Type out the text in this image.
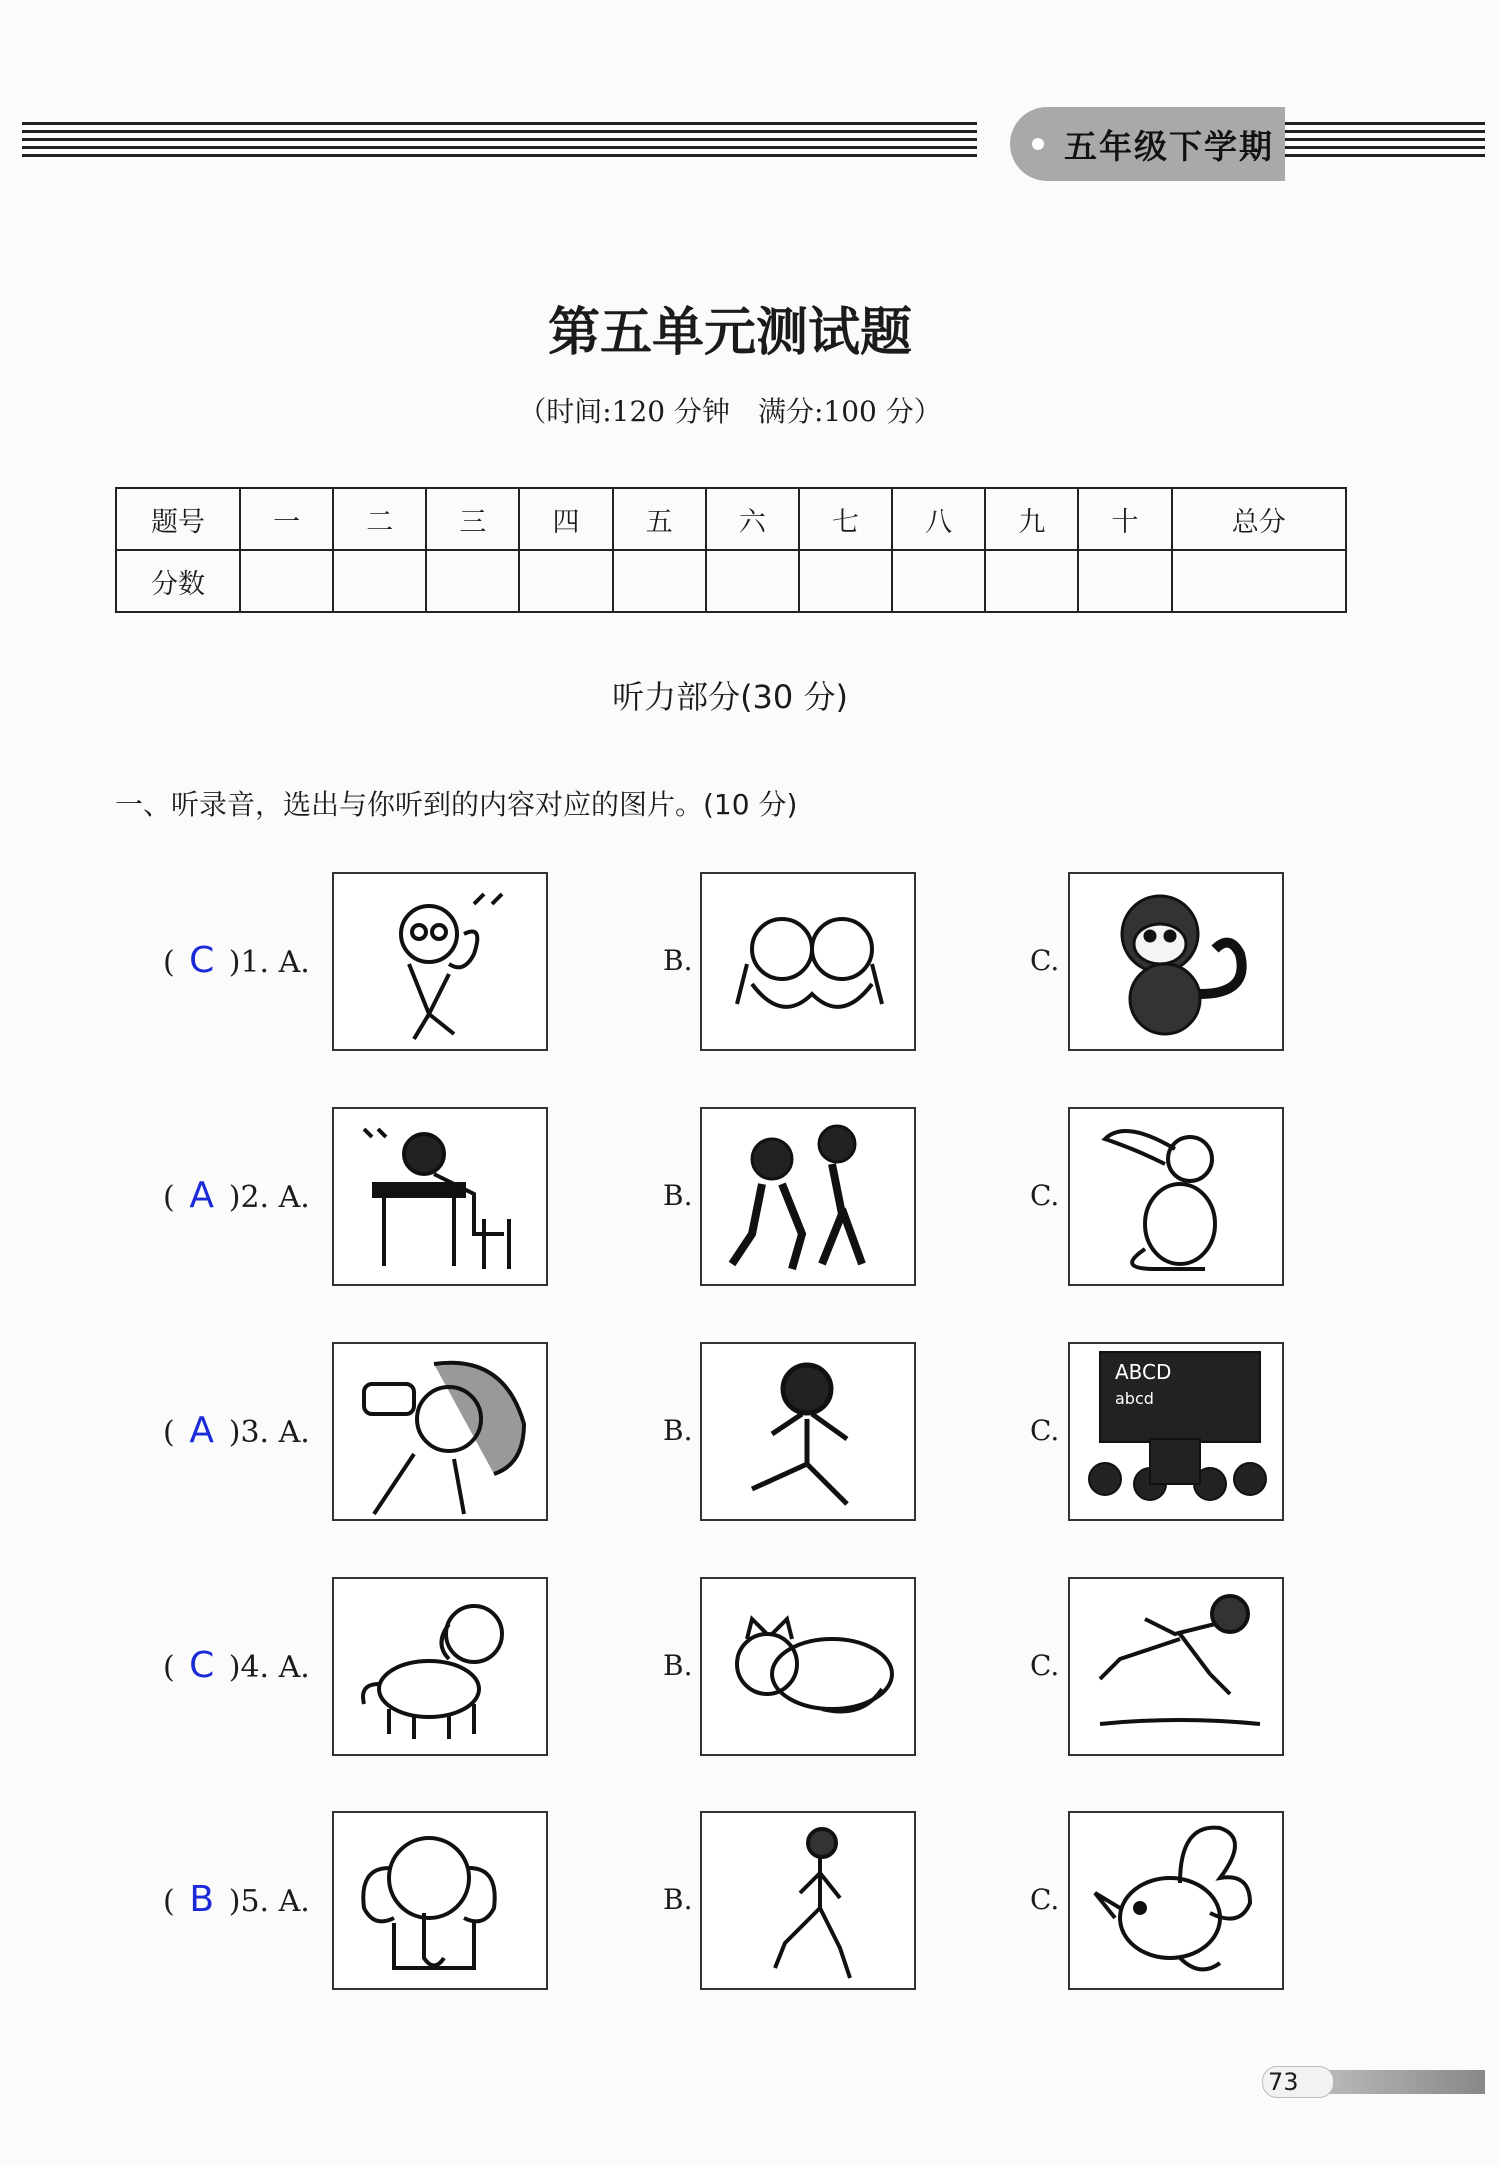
五年级下学期
第五单元测试题
（时间:120 分钟　满分:100 分）
题号	一	二	三	四	五	六	七	八	九	十	总分
分数											
听力部分(30 分)
一、听录音，选出与你听到的内容对应的图片。(10 分)
( C )1. A.	B.	C.
( A )2. A.	B.	C.
( A )3. A.	B.	C.
ABCD
abcd
( C )4. A.	B.	C.
( B )5. A.	B.	C.
73
